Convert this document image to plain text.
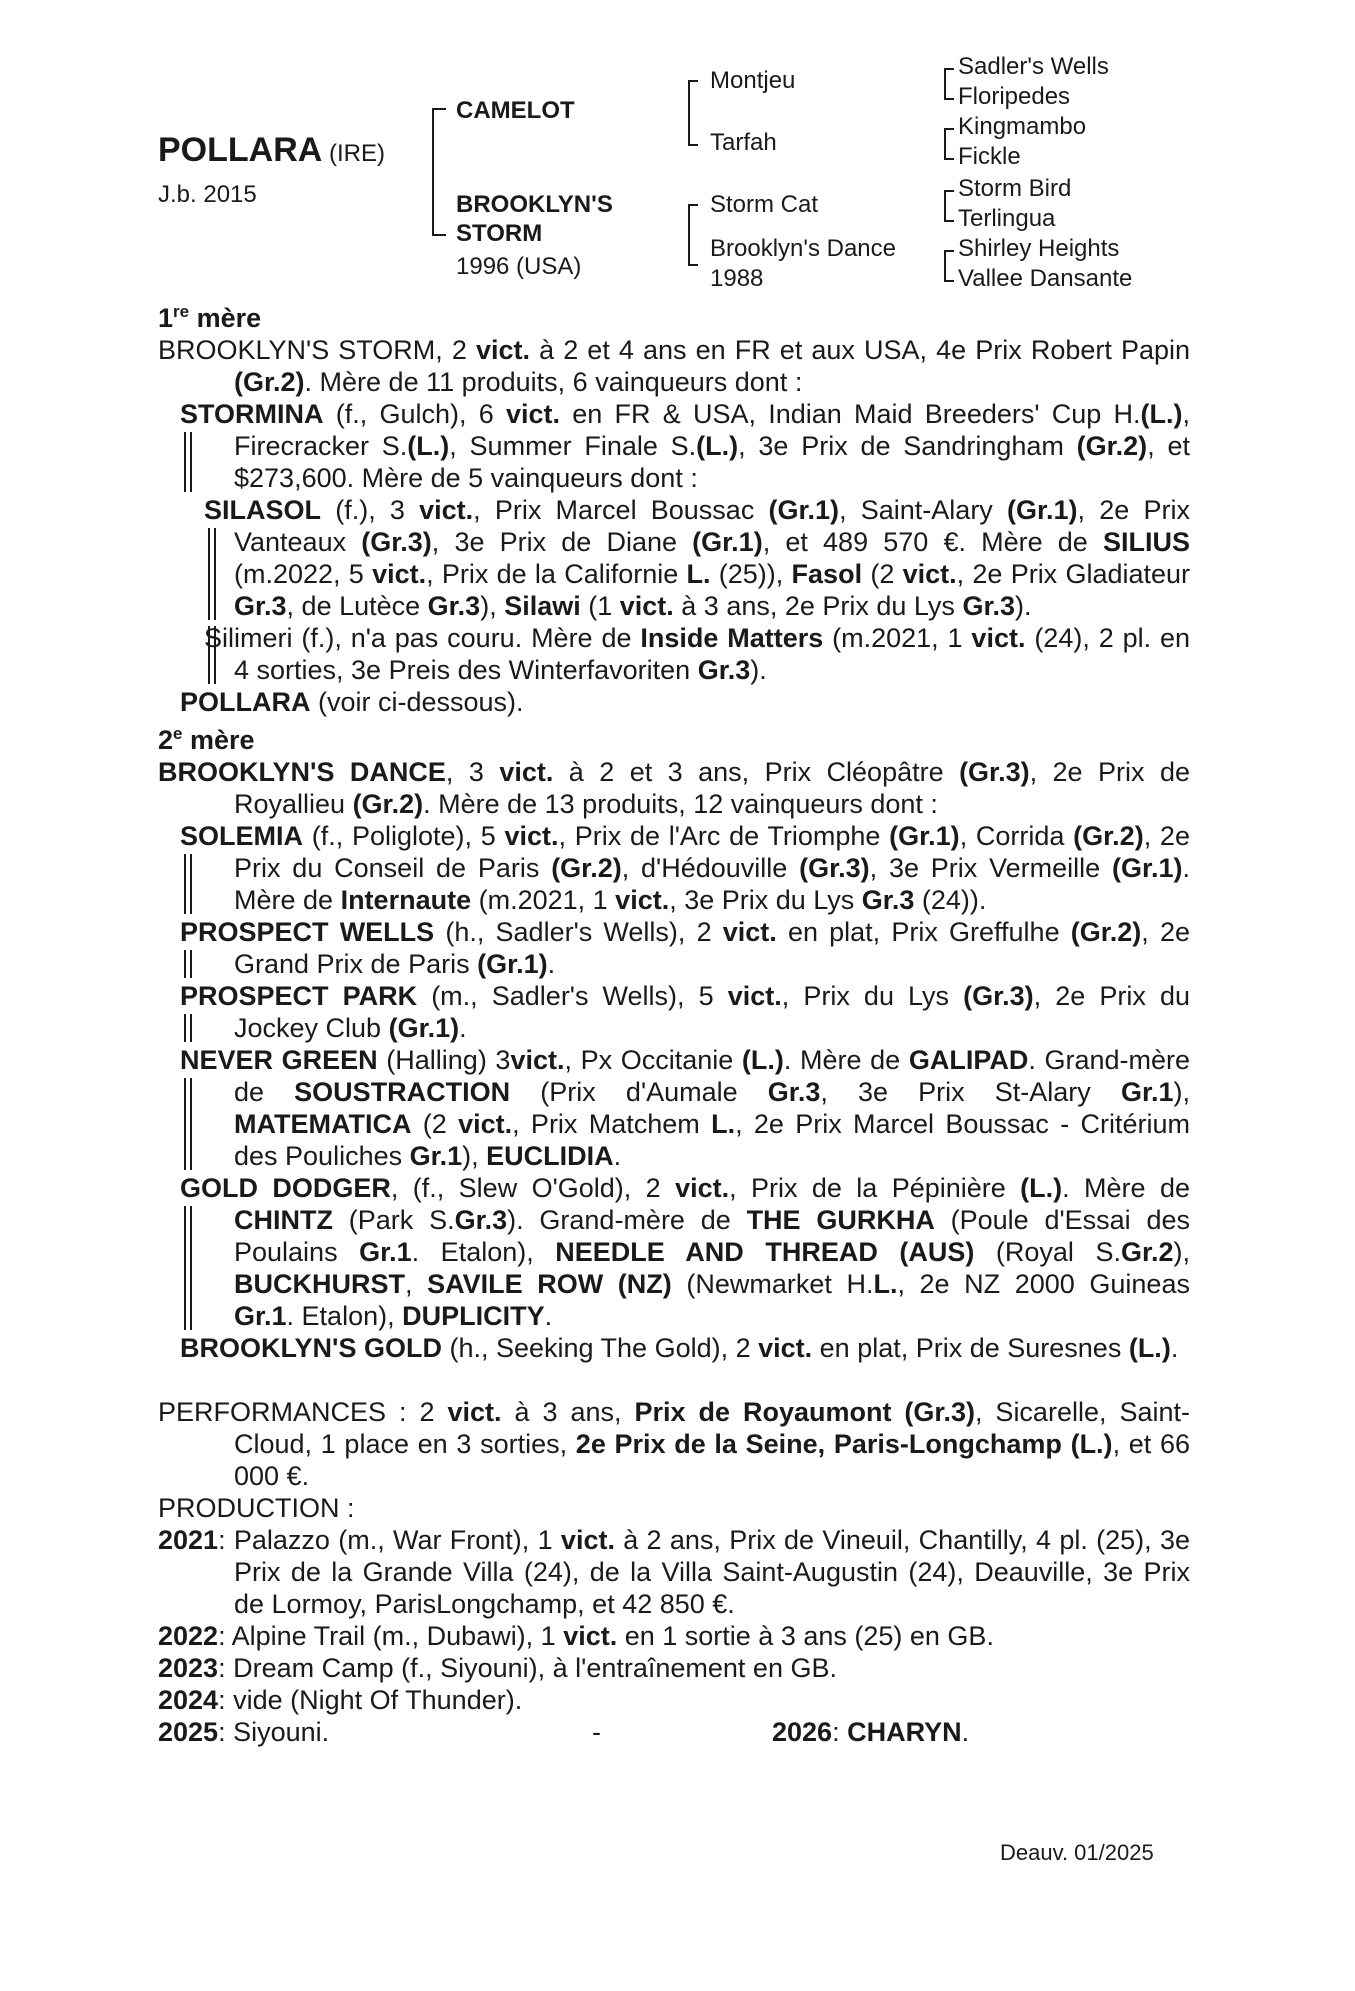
POLLARA (IRE)
J.b. 2015
CAMELOT
BROOKLYN'S
STORM
1996 (USA)
Montjeu
Tarfah
Storm Cat
Brooklyn's Dance
1988
Sadler's Wells
Floripedes
Kingmambo
Fickle
Storm Bird
Terlingua
Shirley Heights
Vallee Dansante
1re mère
BROOKLYN'S STORM, 2 vict. à 2 et 4 ans en FR et aux USA, 4e Prix Robert Papin (Gr.2). Mère de 11 produits, 6 vainqueurs dont :
STORMINA (f., Gulch), 6 vict. en FR & USA, Indian Maid Breeders' Cup H.(L.), Firecracker S.(L.), Summer Finale S.(L.), 3e Prix de Sandringham (Gr.2), et $273,600. Mère de 5 vainqueurs dont :
SILASOL (f.), 3 vict., Prix Marcel Boussac (Gr.1), Saint-Alary (Gr.1), 2e Prix Vanteaux (Gr.3), 3e Prix de Diane (Gr.1), et 489 570 €. Mère de SILIUS (m.2022, 5 vict., Prix de la Californie L. (25)), Fasol (2 vict., 2e Prix Gladiateur Gr.3, de Lutèce Gr.3), Silawi (1 vict. à 3 ans, 2e Prix du Lys Gr.3).
Silimeri (f.), n'a pas couru. Mère de Inside Matters (m.2021, 1 vict. (24), 2 pl. en 4 sorties, 3e Preis des Winterfavoriten Gr.3).
POLLARA (voir ci-dessous).
2e mère
BROOKLYN'S DANCE, 3 vict. à 2 et 3 ans, Prix Cléopâtre (Gr.3), 2e Prix de Royallieu (Gr.2). Mère de 13 produits, 12 vainqueurs dont :
SOLEMIA (f., Poliglote), 5 vict., Prix de l'Arc de Triomphe (Gr.1), Corrida (Gr.2), 2e Prix du Conseil de Paris (Gr.2), d'Hédouville (Gr.3), 3e Prix Vermeille (Gr.1). Mère de Internaute (m.2021, 1 vict., 3e Prix du Lys Gr.3 (24)).
PROSPECT WELLS (h., Sadler's Wells), 2 vict. en plat, Prix Greffulhe (Gr.2), 2e Grand Prix de Paris (Gr.1).
PROSPECT PARK (m., Sadler's Wells), 5 vict., Prix du Lys (Gr.3), 2e Prix du Jockey Club (Gr.1).
NEVER GREEN (Halling) 3vict., Px Occitanie (L.). Mère de GALIPAD. Grand-mère de SOUSTRACTION (Prix d'Aumale Gr.3, 3e Prix St-Alary Gr.1), MATEMATICA (2 vict., Prix Matchem L., 2e Prix Marcel Boussac - Critérium des Pouliches Gr.1), EUCLIDIA.
GOLD DODGER, (f., Slew O'Gold), 2 vict., Prix de la Pépinière (L.). Mère de CHINTZ (Park S.Gr.3). Grand-mère de THE GURKHA (Poule d'Essai des Poulains Gr.1. Etalon), NEEDLE AND THREAD (AUS) (Royal S.Gr.2), BUCKHURST, SAVILE ROW (NZ) (Newmarket H.L., 2e NZ 2000 Guineas Gr.1. Etalon), DUPLICITY.
BROOKLYN'S GOLD (h., Seeking The Gold), 2 vict. en plat, Prix de Suresnes (L.).
PERFORMANCES : 2 vict. à 3 ans, Prix de Royaumont (Gr.3), Sicarelle, Saint-Cloud, 1 place en 3 sorties, 2e Prix de la Seine, Paris-Longchamp (L.), et 66 000 €.
PRODUCTION :
2021: Palazzo (m., War Front), 1 vict. à 2 ans, Prix de Vineuil, Chantilly, 4 pl. (25), 3e Prix de la Grande Villa (24), de la Villa Saint-Augustin (24), Deauville, 3e Prix de Lormoy, ParisLongchamp, et 42 850 €.
2022: Alpine Trail (m., Dubawi), 1 vict. en 1 sortie à 3 ans (25) en GB.
2023: Dream Camp (f., Siyouni), à l'entraînement en GB.
2024: vide (Night Of Thunder).
2025: Siyouni.	-	2026: CHARYN.
Deauv. 01/2025
